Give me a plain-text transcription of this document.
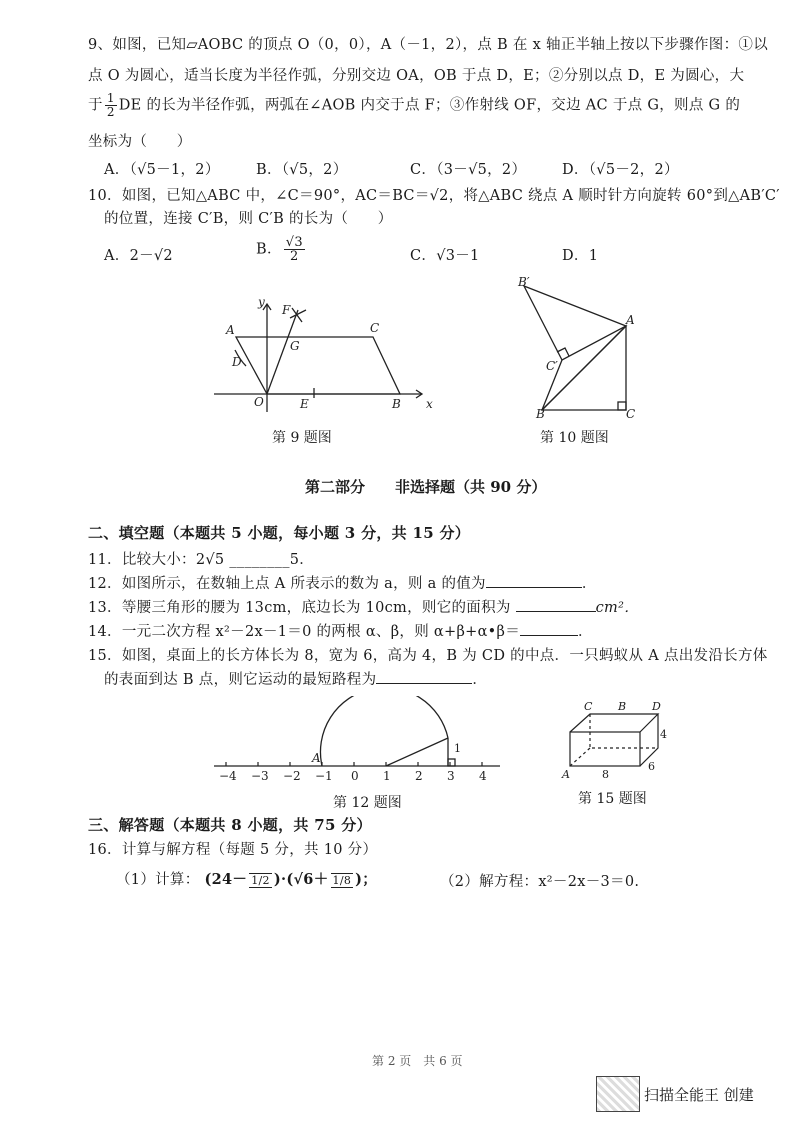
9、如图，已知▱AOBC 的顶点 O（0，0），A（－1，2），点 B 在 x 轴正半轴上按以下步骤作图：①以
点 O 为圆心，适当长度为半径作弧，分别交边 OA，OB 于点 D，E；②分别以点 D，E 为圆心，大
于 $\frac{1}{2}$ DE 的长为半径作弧，两弧在∠AOB 内交于点 F；③作射线 OF，交边 AC 于点 G，则点 G 的
坐标为（　　）
A．（√5－1，2）	B．（√5，2）	C．（3－√5，2） D．（√5－2，2）
10．如图，已知△ABC 中，∠C＝90°，AC＝BC＝√2，将△ABC 绕点 A 顺时针方向旋转 60°到△AB′C′
的位置，连接 C′B，则 C′B 的长为（　　）
A．2－√2	B． $\frac{√3}{2}$	C．√3－1	D．1
y
x
F
A	C
D
G
O	E	B
第 9 题图
B′
A
C′
B	C
第 10 题图
第二部分　　非选择题（共 90 分）
二、填空题（本题共 5 小题，每小题 3 分，共 15 分）
11．比较大小：2√5 ________5．
12．如图所示，在数轴上点 A 所表示的数为 a，则 a 的值为	．
13．等腰三角形的腰为 13cm，底边长为 10cm，则它的面积为	cm²．
14．一元二次方程 x²－2x－1＝0 的两根 α、β，则 α+β+α•β＝	．
15．如图，桌面上的长方体长为 8，宽为 6，高为 4，B 为 CD 的中点．一只蚂蚁从 A 点出发沿长方体
的表面到达 B 点，则它运动的最短路程为	．
−4 −3 −2 −1 0 1 2 3 4
A
1
第 12 题图
C B D
4
A	8
6
第 15 题图
三、解答题（本题共 8 小题，共 75 分）
16．计算与解方程（每题 5 分，共 10 分）
（1）计算： (24－ 1/2 )·(√6＋ 1/8 )；	（2）解方程：x²－2x－3＝0.
第 2 页　共 6 页
扫描全能王 创建
